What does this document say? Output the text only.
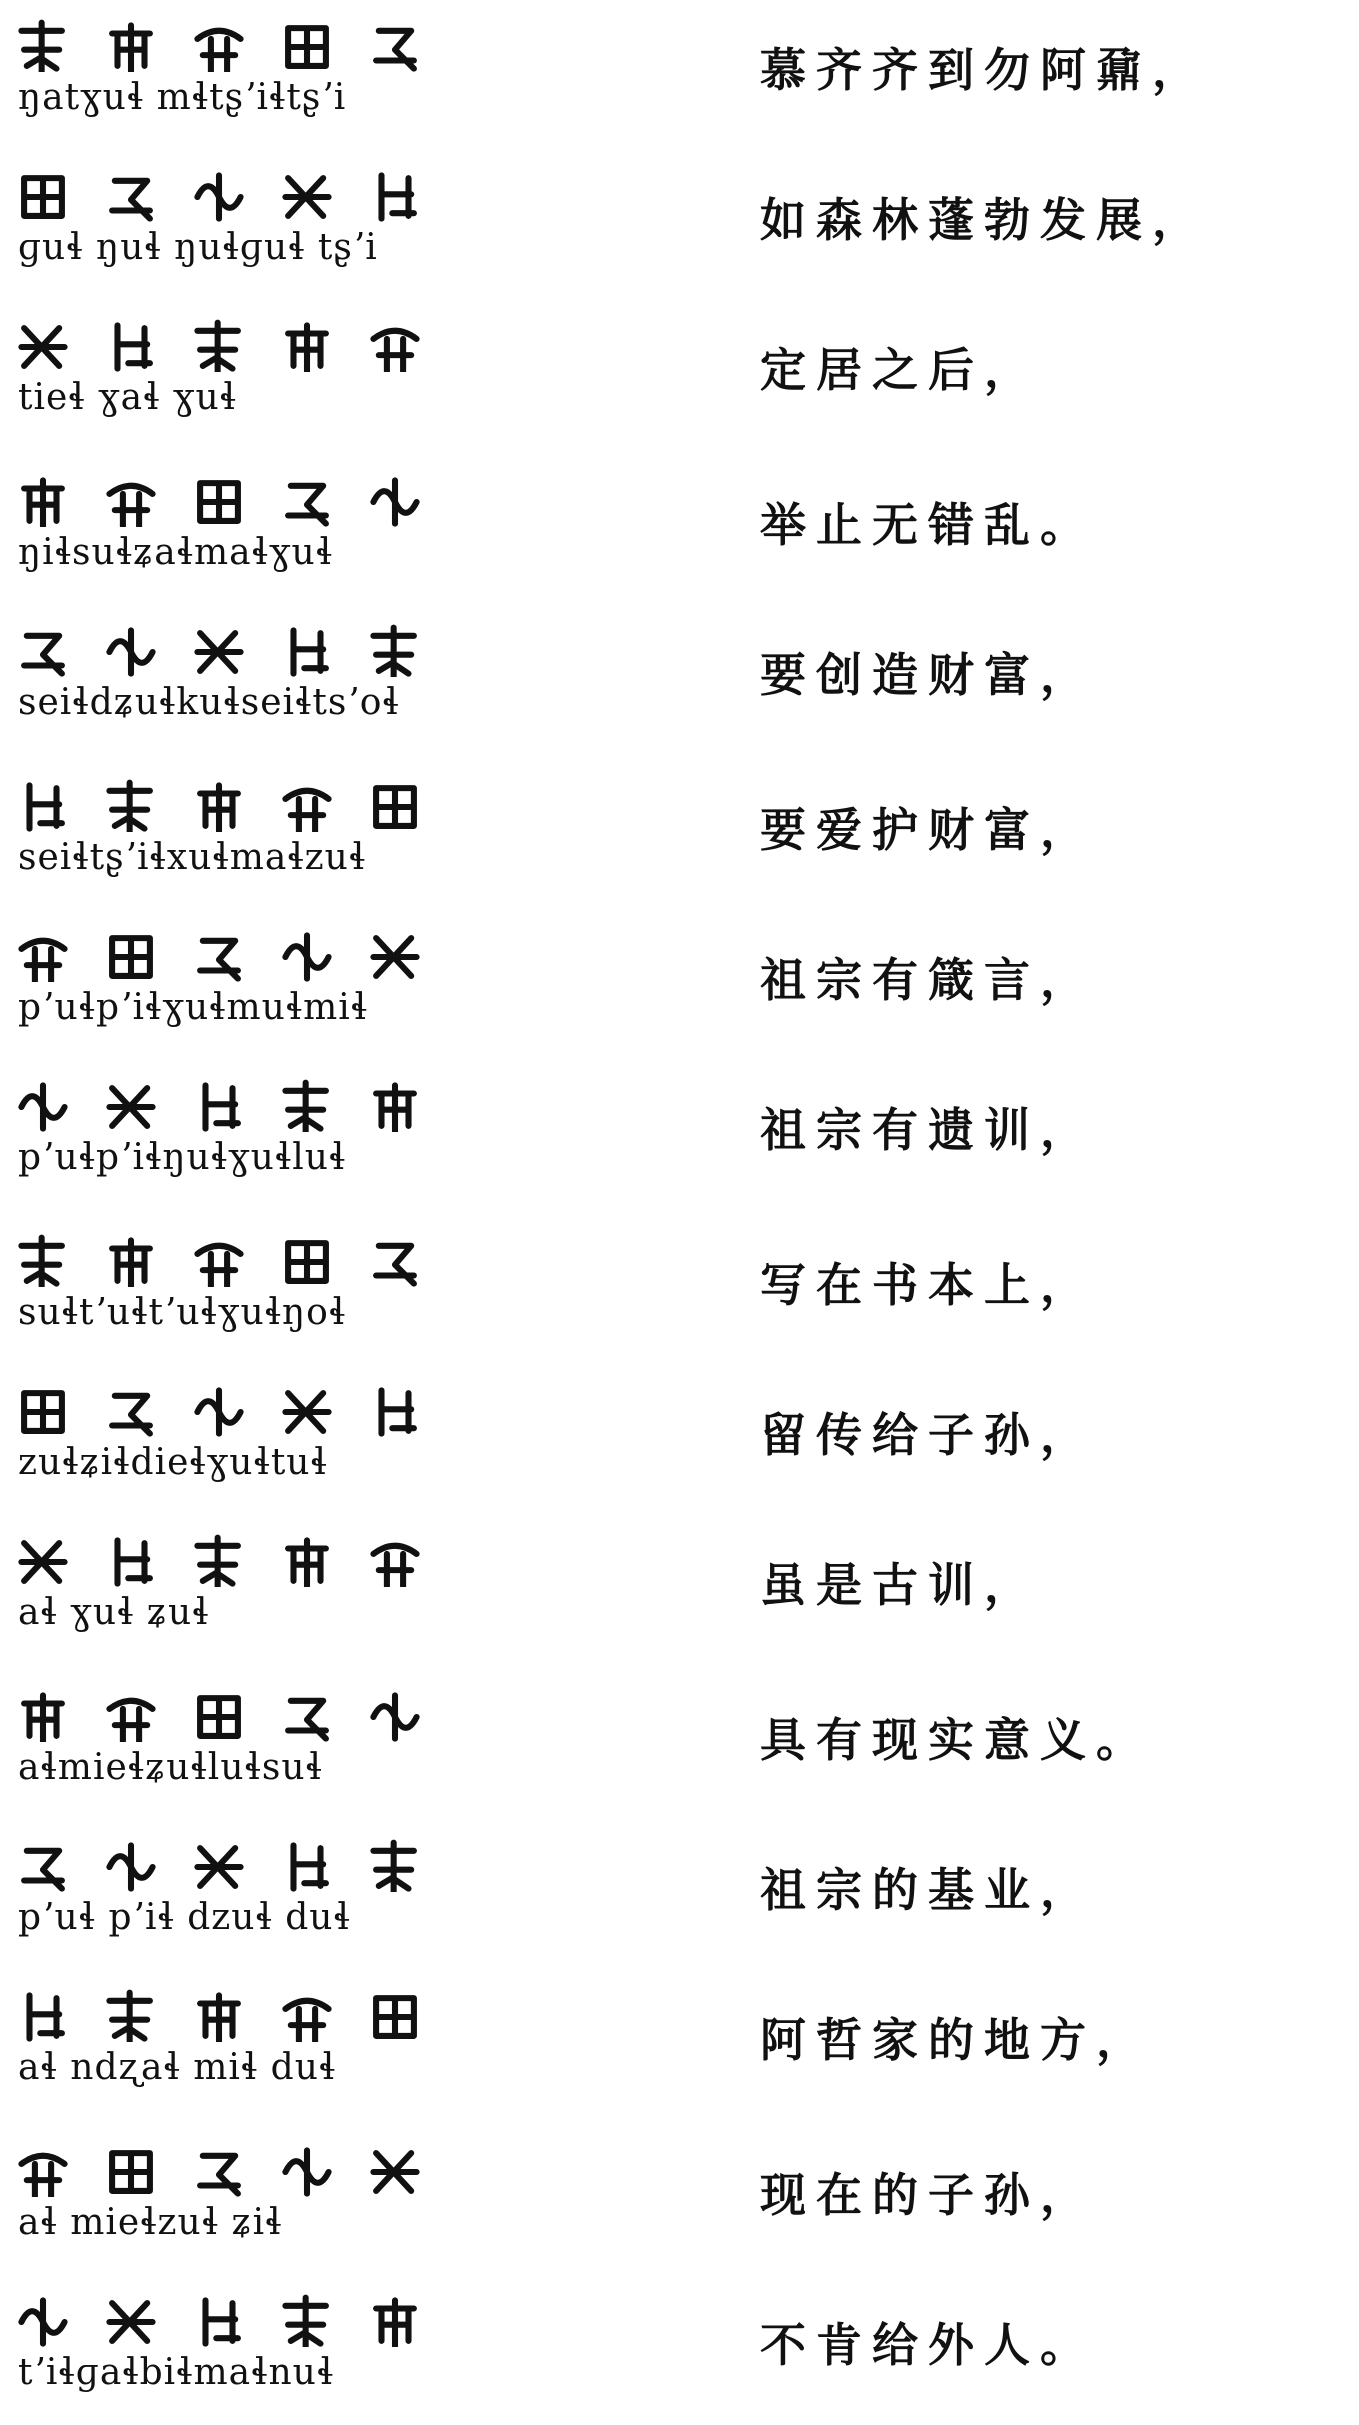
ŋatɣuɬ mɬtʂʼiɬtʂʼi
慕齐齐到勿阿鼐，
ɡuɬ ŋuɬ ŋuɬɡuɬ tʂʼi
如森林蓬勃发展，
tieɬ ɣaɬ ɣuɬ
定居之后，
ŋiɬsuɬʑaɬmaɬɣuɬ
举止无错乱。
seiɬdʑuɬkuɬseiɬtsʼoɬ
要创造财富，
seiɬtʂʼiɬxuɬmaɬzuɬ
要爱护财富，
pʼuɬpʼiɬɣuɬmuɬmiɬ
祖宗有箴言，
pʼuɬpʼiɬŋuɬɣuɬluɬ
祖宗有遗训，
suɬtʼuɬtʼuɬɣuɬŋoɬ
写在书本上，
zuɬʑiɬdieɬɣuɬtuɬ
留传给子孙，
aɬ ɣuɬ ʑuɬ
虽是古训，
aɬmieɬʑuɬluɬsuɬ
具有现实意义。
pʼuɬ pʼiɬ dzuɬ duɬ
祖宗的基业，
aɬ ndʐaɬ miɬ duɬ
阿哲家的地方，
aɬ mieɬzuɬ ʑiɬ
现在的子孙，
tʼiɬɡaɬbiɬmaɬnuɬ
不肯给外人。
